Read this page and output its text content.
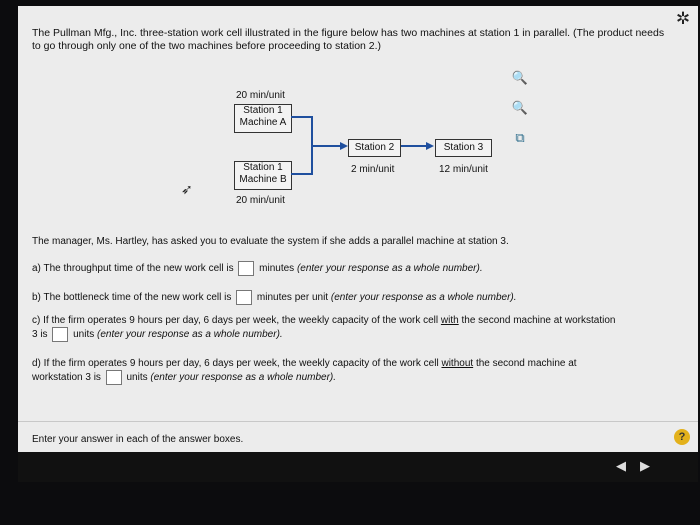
✲
The Pullman Mfg., Inc. three-station work cell illustrated in the figure below has two machines at station 1 in parallel. (The product needs to go through only one of the two machines before proceeding to station 2.)
🔍
🔍
⧉
20 min/unit
Station 1
Machine A
Station 1
Machine B
20 min/unit
Station 2
2 min/unit
Station 3
12 min/unit
➶
The manager, Ms. Hartley, has asked you to evaluate the system if she adds a parallel machine at station 3.
a) The throughput time of the new work cell is	minutes (enter your response as a whole number).
b) The bottleneck time of the new work cell is	minutes per unit (enter your response as a whole number).
c) If the firm operates 9 hours per day, 6 days per week, the weekly capacity of the work cell with the second machine at workstation
3 is	units (enter your response as a whole number).
d) If the firm operates 9 hours per day, 6 days per week, the weekly capacity of the work cell without the second machine at
workstation 3 is	units (enter your response as a whole number).
Enter your answer in each of the answer boxes.	?
◀ ▶
